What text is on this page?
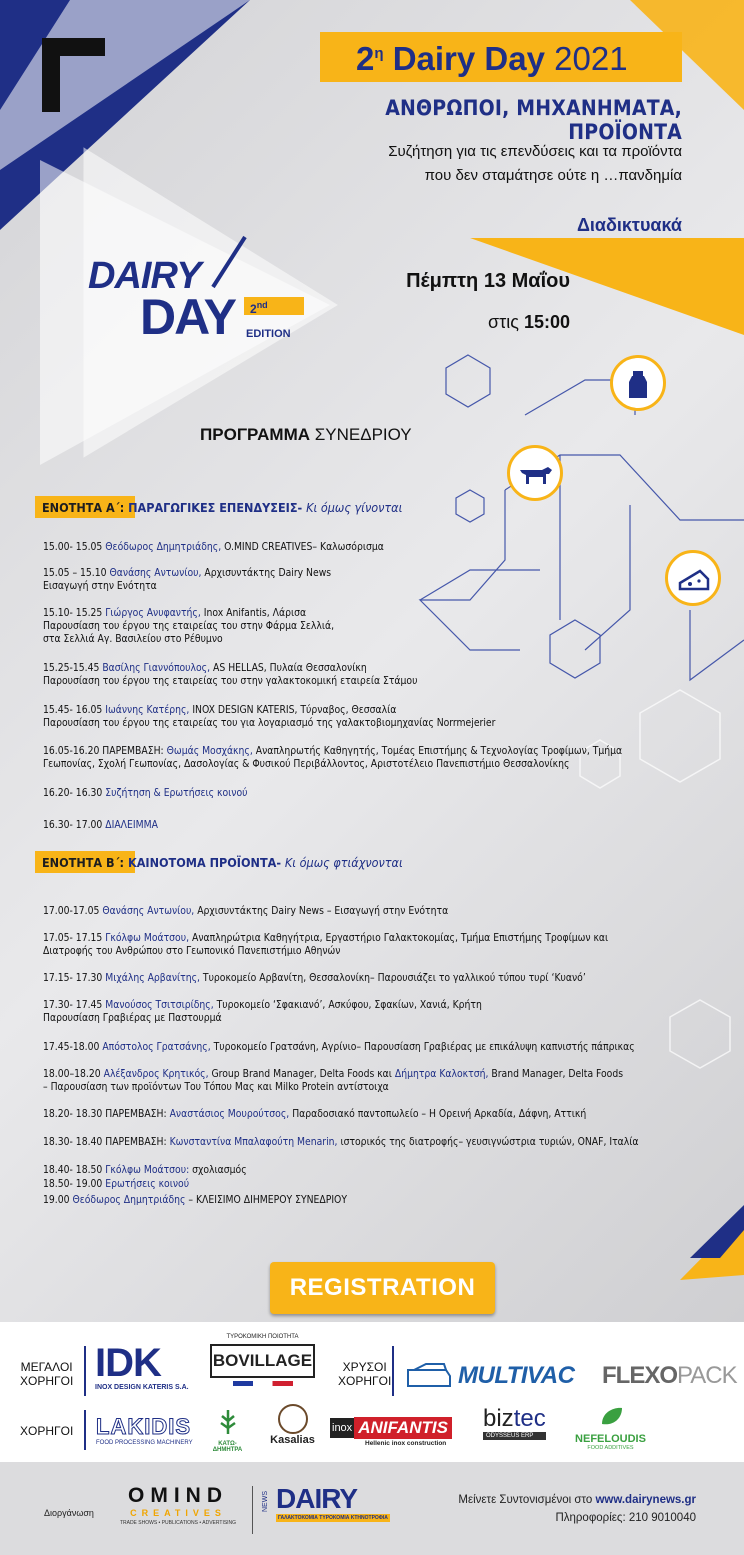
$2^\eta$ Dairy Day 2021
ΑΝΘΡΩΠΟΙ, ΜΗΧΑΝΗΜΑΤΑ, ΠΡΟΪΟΝΤΑ
Συζήτηση για τις επενδύσεις και τα προϊόντα
που δεν σταμάτησε ούτε η …πανδημία
Διαδικτυακά
Πέμπτη 13 Μαΐου
στις 15:00
DAIRY
DAY 2nd
EDITION
ΠΡΟΓΡΑΜΜΑ ΣΥΝΕΔΡΙΟΥ
ΕΝΟΤΗΤΑ Α΄: ΠΑΡΑΓΩΓΙΚΕΣ ΕΠΕΝΔΥΣΕΙΣ- Κι όμως γίνονται
15.00- 15.05 Θεόδωρος Δημητριάδης, O.MIND CREATIVES– Καλωσόρισμα
15.05 – 15.10 Θανάσης Αντωνίου, Αρχισυντάκτης Dairy News
Εισαγωγή στην Ενότητα
15.10- 15.25 Γιώργος Ανυφαντής, Inox Anifantis, Λάρισα
Παρουσίαση του έργου της εταιρείας του στην Φάρμα Σελλιά,
στα Σελλιά Αγ. Βασιλείου στο Ρέθυμνο
15.25-15.45 Βασίλης Γιαννόπουλος, AS HELLAS, Πυλαία Θεσσαλονίκη
Παρουσίαση του έργου της εταιρείας του στην γαλακτοκομική εταιρεία Στάμου
15.45- 16.05 Ιωάννης Κατέρης, INOX DESIGN KATERIS, Τύρναβος, Θεσσαλία
Παρουσίαση του έργου της εταιρείας του για λογαριασμό της γαλακτοβιομηχανίας Norrmejerier
16.05-16.20 ΠΑΡΕΜΒΑΣΗ: Θωμάς Μοσχάκης, Αναπληρωτής Καθηγητής, Τομέας Επιστήμης & Τεχνολογίας Τροφίμων, Τμήμα
Γεωπονίας, Σχολή Γεωπονίας, Δασολογίας & Φυσικού Περιβάλλοντος, Αριστοτέλειο Πανεπιστήμιο Θεσσαλονίκης
16.20- 16.30 Συζήτηση & Ερωτήσεις κοινού
16.30- 17.00 ΔΙΑΛΕΙΜΜΑ
ΕΝΟΤΗΤΑ Β΄: ΚΑΙΝΟΤΟΜΑ ΠΡΟΪΟΝΤΑ- Κι όμως φτιάχνονται
17.00-17.05 Θανάσης Αντωνίου, Αρχισυντάκτης Dairy News – Εισαγωγή στην Ενότητα
17.05- 17.15 Γκόλφω Μοάτσου, Αναπληρώτρια Καθηγήτρια, Εργαστήριο Γαλακτοκομίας, Τμήμα Επιστήμης Τροφίμων και
Διατροφής του Ανθρώπου στο Γεωπονικό Πανεπιστήμιο Αθηνών
17.15- 17.30 Μιχάλης Αρβανίτης, Τυροκομείο Αρβανίτη, Θεσσαλονίκη– Παρουσιάζει το γαλλικού τύπου τυρί ‘Κυανό’
17.30- 17.45 Μανούσος Τσιτσιρίδης, Τυροκομείο ‘Σφακιανό’, Ασκύφου, Σφακίων, Χανιά, Κρήτη
Παρουσίαση Γραβιέρας με Παστουρμά
17.45-18.00 Απόστολος Γρατσάνης, Τυροκομείο Γρατσάνη, Αγρίνιο– Παρουσίαση Γραβιέρας με επικάλυψη καπνιστής πάπρικας
18.00–18.20 Αλέξανδρος Κρητικός, Group Brand Manager, Delta Foods και Δήμητρα Καλοκτσή, Brand Manager, Delta Foods
– Παρουσίαση των προϊόντων Του Τόπου Μας και Milko Protein αντίστοιχα
18.20- 18.30 ΠΑΡΕΜΒΑΣΗ: Αναστάσιος Μουρούτσος, Παραδοσιακό παντοπωλείο – Η Ορεινή Αρκαδία, Δάφνη, Αττική
18.30- 18.40 ΠΑΡΕΜΒΑΣΗ: Κωνσταντίνα Μπαλαφούτη Menarin, ιστορικός της διατροφής– γευσιγνώστρια τυριών, ONAF, Ιταλία
18.40- 18.50 Γκόλφω Μοάτσου: σχολιασμός
18.50- 19.00 Ερωτήσεις κοινού
19.00 Θεόδωρος Δημητριάδης – ΚΛΕΙΣΙΜΟ ΔΙΗΜΕΡΟΥ ΣΥΝΕΔΡΙΟΥ
REGISTRATION
ΜΕΓΑΛΟΙ
ΧΟΡΗΓΟΙ IDK
INOX DESIGN KATERIS S.A.
ΤΥΡΟΚΟΜΙΚΗ ΠΟΙΟΤΗΤΑ
BOVILLAGE	ΧΡΥΣΟΙ
ΧΟΡΗΓΟΙ	MULTIVAC FLEXOPACK
ΧΟΡΗΓΟΙ LAKIDIS
FOOD PROCESSING MACHINERY	ΚΑΤΩ-ΔΗΜΗΤΡΑ
Kasalias
inox ANIFANTIS
Hellenic inox construction
biztec
ODYSSEUS ERP	NEFELOUDIS
FOOD ADDITIVES
Διοργάνωση
OMIND
CREATIVES
TRADE SHOWS • PUBLICATIONS • ADVERTISING
NEWS DAIRY
ΓΑΛΑΚΤΟΚΟΜΙΑ ΤΥΡΟΚΟΜΙΑ ΚΤΗΝΟΤΡΟΦΙΑ
Μείνετε Συντονισμένοι στο www.dairynews.gr
Πληροφορίες: 210 9010040
